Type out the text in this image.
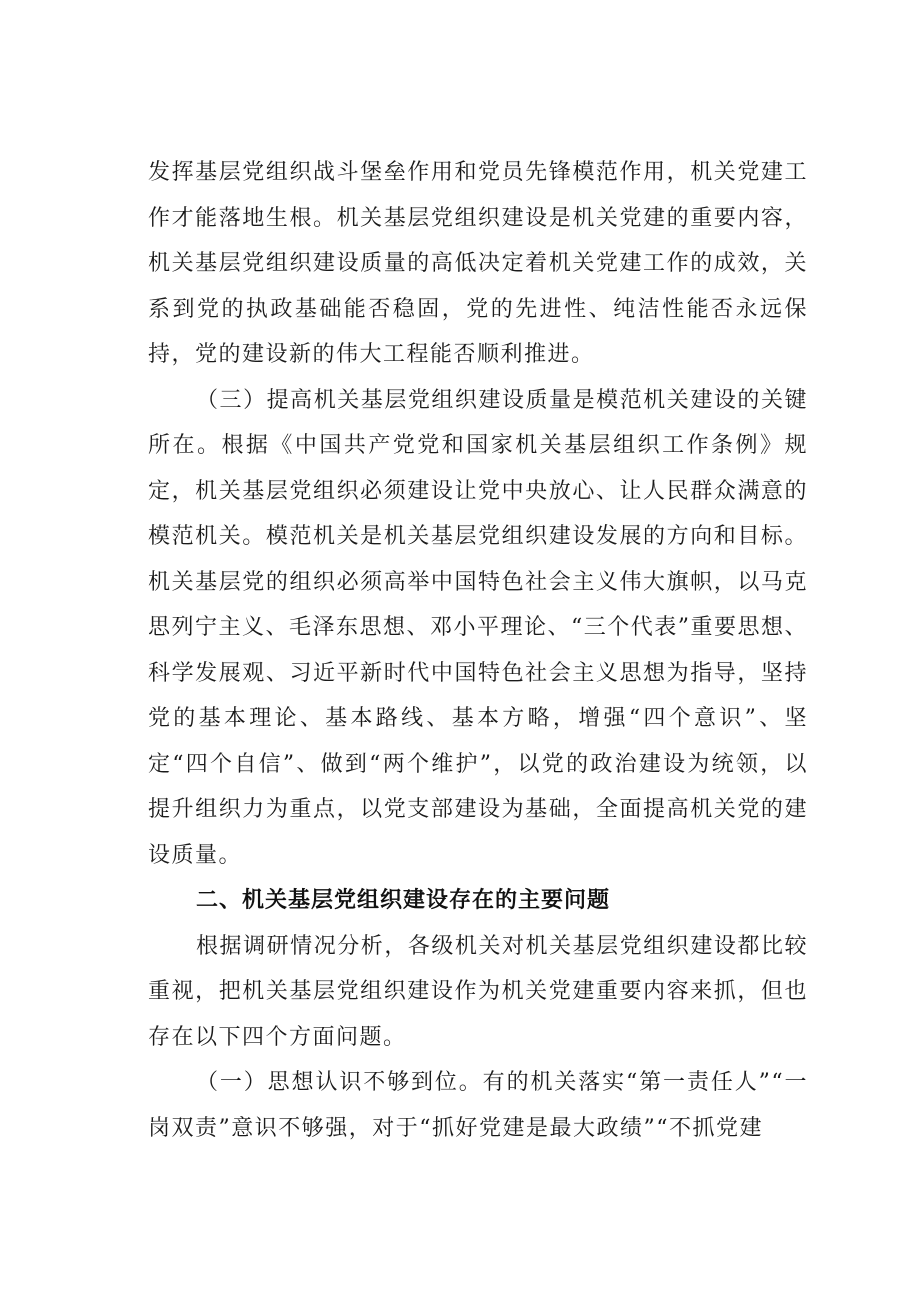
发挥基层党组织战斗堡垒作用和党员先锋模范作用，机关党建工作才能落地生根。机关基层党组织建设是机关党建的重要内容，机关基层党组织建设质量的高低决定着机关党建工作的成效，关系到党的执政基础能否稳固，党的先进性、纯洁性能否永远保持，党的建设新的伟大工程能否顺利推进。

（三）提高机关基层党组织建设质量是模范机关建设的关键所在。根据《中国共产党党和国家机关基层组织工作条例》规定，机关基层党组织必须建设让党中央放心、让人民群众满意的模范机关。模范机关是机关基层党组织建设发展的方向和目标。机关基层党的组织必须高举中国特色社会主义伟大旗帜，以马克思列宁主义、毛泽东思想、邓小平理论、“三个代表”重要思想、科学发展观、习近平新时代中国特色社会主义思想为指导，坚持党的基本理论、基本路线、基本方略，增强“四个意识”、坚定“四个自信”、做到“两个维护”，以党的政治建设为统领，以提升组织力为重点，以党支部建设为基础，全面提高机关党的建设质量。

二、机关基层党组织建设存在的主要问题

根据调研情况分析，各级机关对机关基层党组织建设都比较重视，把机关基层党组织建设作为机关党建重要内容来抓，但也存在以下四个方面问题。

（一）思想认识不够到位。有的机关落实“第一责任人”“一岗双责”意识不够强，对于“抓好党建是最大政绩”“不抓党建
